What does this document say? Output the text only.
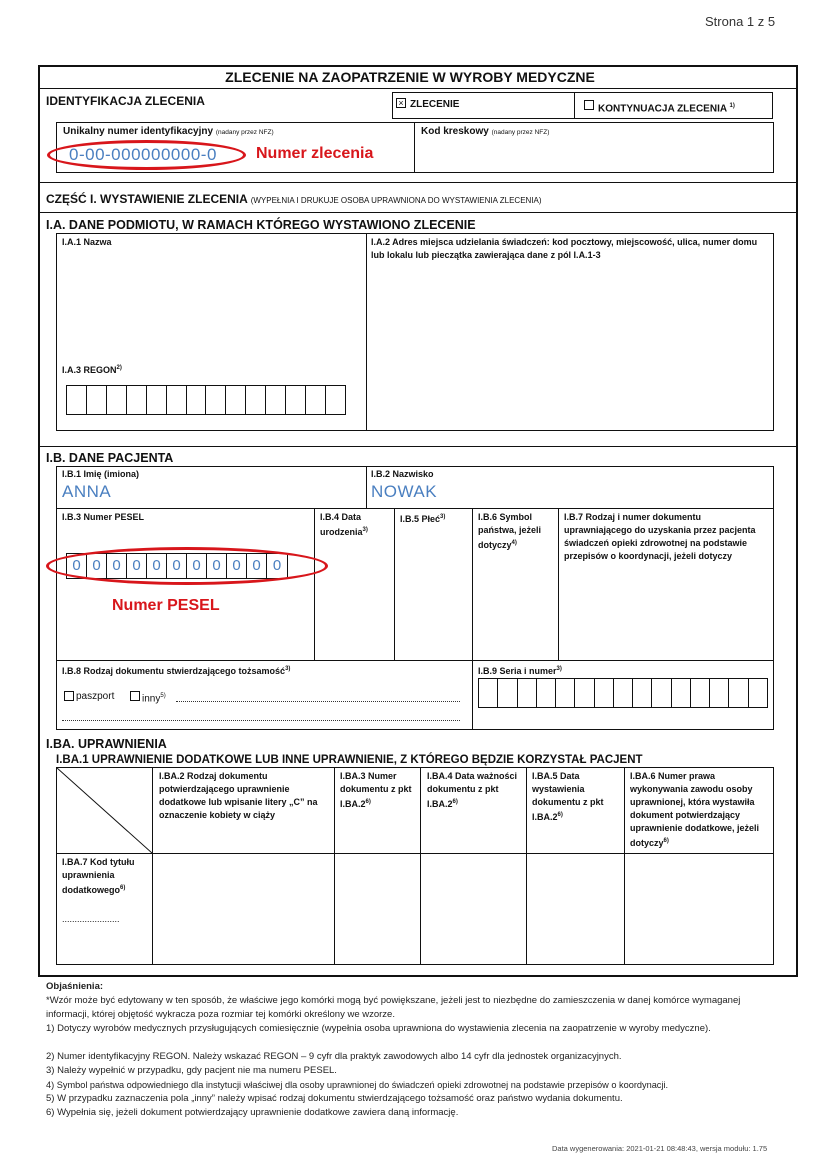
Strona 1 z 5
ZLECENIE NA ZAOPATRZENIE W WYROBY MEDYCZNE
IDENTYFIKACJA ZLECENIA	× ZLECENIE	KONTYNUACJA ZLECENIA $^{1)}$
Unikalny numer identyfikacyjny (nadany przez NFZ)
0-00-000000000-0 Numer zlecenia
Kod kreskowy (nadany przez NFZ)
CZĘŚĆ I. WYSTAWIENIE ZLECENIA (WYPEŁNIA I DRUKUJE OSOBA UPRAWNIONA DO WYSTAWIENIA ZLECENIA)
I.A. DANE PODMIOTU, W RAMACH KTÓREGO WYSTAWIONO ZLECENIE
I.A.1 Nazwa	I.A.2 Adres miejsca udzielania świadczeń: kod pocztowy, miejscowość, ulica, numer domu lub lokalu lub pieczątka zawierająca dane z pól I.A.1-3
I.A.3 REGON$^{2)}$
I.B. DANE PACJENTA
I.B.1 Imię (imiona)
ANNA
I.B.2 Nazwisko
NOWAK
I.B.3 Numer PESEL
0 0 0 0 0 0 0 0 0 0 0
Numer PESEL
I.B.4 Data urodzenia$^{3)}$
I.B.5 Płeć$^{3)}$	I.B.6 Symbol państwa, jeżeli dotyczy$^{4)}$
I.B.7 Rodzaj i numer dokumentu uprawniającego do uzyskania przez pacjenta świadczeń opieki zdrowotnej na podstawie przepisów o koordynacji, jeżeli dotyczy
I.B.8 Rodzaj dokumentu stwierdzającego tożsamość$^{3)}$
paszport	inny$^{5)}$
I.B.9 Seria i numer$^{3)}$
I.BA. UPRAWNIENIA
I.BA.1 UPRAWNIENIE DODATKOWE LUB INNE UPRAWNIENIE, Z KTÓREGO BĘDZIE KORZYSTAŁ PACJENT
I.BA.2 Rodzaj dokumentu potwierdzającego uprawnienie dodatkowe lub wpisanie litery „C” na oznaczenie kobiety w ciąży
I.BA.3 Numer dokumentu z pkt I.BA.2$^{6)}$
I.BA.4 Data ważności dokumentu z pkt I.BA.2$^{6)}$
I.BA.5 Data wystawienia dokumentu z pkt I.BA.2$^{6)}$
I.BA.6 Numer prawa wykonywania zawodu osoby uprawnionej, która wystawiła dokument potwierdzający uprawnienie dodatkowe, jeżeli dotyczy$^{6)}$
I.BA.7 Kod tytułu uprawnienia dodatkowego$^{6)}$
.......................
Objaśnienia:
*Wzór może być edytowany w ten sposób, że właściwe jego komórki mogą być powiększane, jeżeli jest to niezbędne do zamieszczenia w danej komórce wymaganej informacji, której objętość wykracza poza rozmiar tej komórki określony we wzorze.
1) Dotyczy wyrobów medycznych przysługujących comiesięcznie (wypełnia osoba uprawniona do wystawienia zlecenia na zaopatrzenie w wyroby medyczne).
2) Numer identyfikacyjny REGON. Należy wskazać REGON – 9 cyfr dla praktyk zawodowych albo 14 cyfr dla jednostek organizacyjnych.
3) Należy wypełnić w przypadku, gdy pacjent nie ma numeru PESEL.
4) Symbol państwa odpowiedniego dla instytucji właściwej dla osoby uprawnionej do świadczeń opieki zdrowotnej na podstawie przepisów o koordynacji.
5) W przypadku zaznaczenia pola „inny” należy wpisać rodzaj dokumentu stwierdzającego tożsamość oraz państwo wydania dokumentu.
6) Wypełnia się, jeżeli dokument potwierdzający uprawnienie dodatkowe zawiera daną informację.
Data wygenerowania: 2021-01-21 08:48:43, wersja modułu: 1.75
